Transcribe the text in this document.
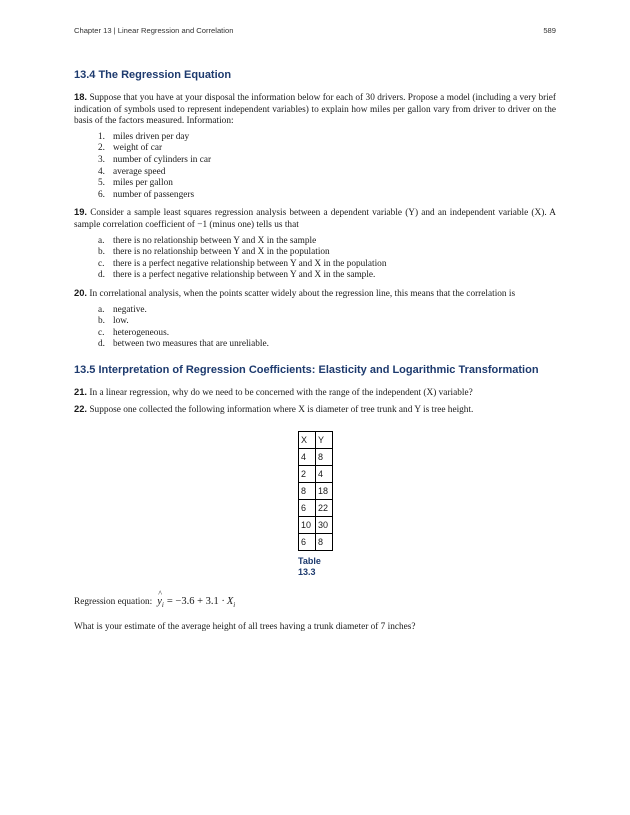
Chapter 13 | Linear Regression and Correlation	589
13.4 The Regression Equation

18. Suppose that you have at your disposal the information below for each of 30 drivers. Propose a model (including a very brief indication of symbols used to represent independent variables) to explain how miles per gallon vary from driver to driver on the basis of the factors measured. Information:

1. miles driven per day
2. weight of car
3. number of cylinders in car
4. average speed
5. miles per gallon
6. number of passengers

19. Consider a sample least squares regression analysis between a dependent variable (Y) and an independent variable (X). A sample correlation coefficient of −1 (minus one) tells us that

a. there is no relationship between Y and X in the sample
b. there is no relationship between Y and X in the population
c. there is a perfect negative relationship between Y and X in the population
d. there is a perfect negative relationship between Y and X in the sample.

20. In correlational analysis, when the points scatter widely about the regression line, this means that the correlation is

a. negative.
b. low.
c. heterogeneous.
d. between two measures that are unreliable.
13.5 Interpretation of Regression Coefficients: Elasticity and Logarithmic Transformation

21. In a linear regression, why do we need to be concerned with the range of the independent (X) variable?

22. Suppose one collected the following information where X is diameter of tree trunk and Y is tree height.

X	Y
4	8
2	4
8	18
6	22
10	30
6	8
Table 13.3
Regression equation:
^
y i = −3.6 + 3.1 · X i

What is your estimate of the average height of all trees having a trunk diameter of 7 inches?
